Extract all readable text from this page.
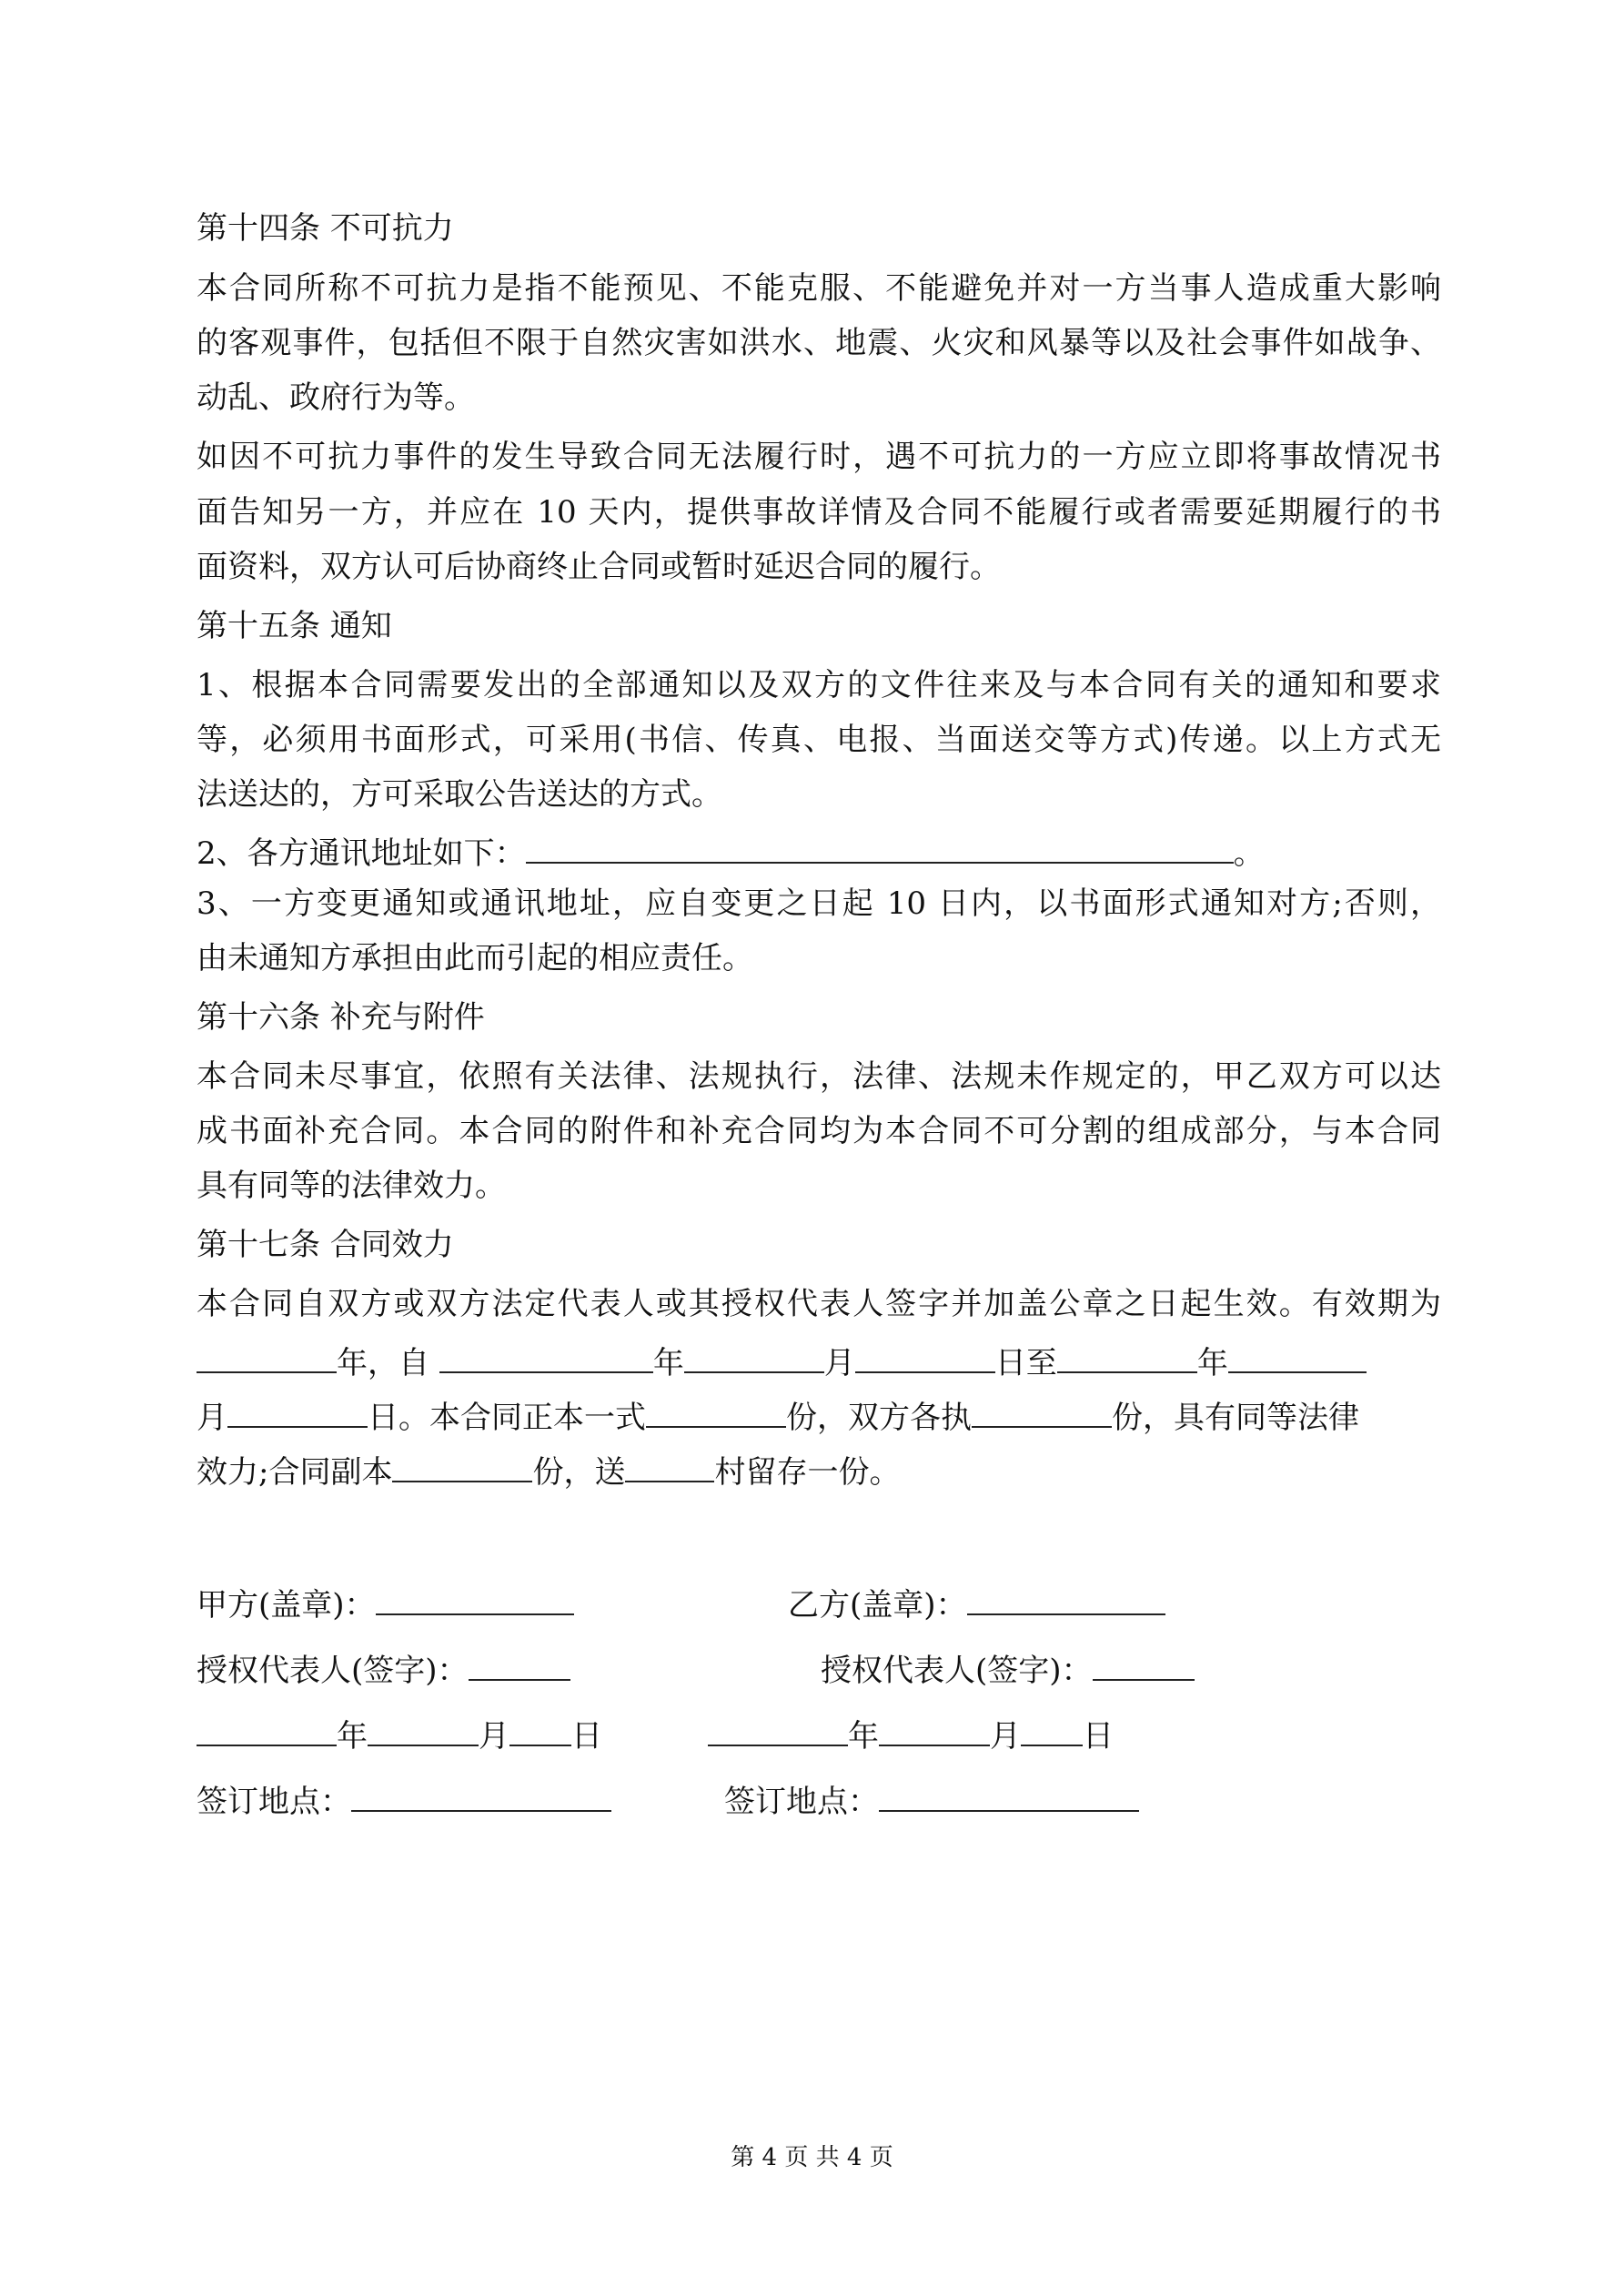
第十四条 不可抗力
本合同所称不可抗力是指不能预见、不能克服、不能避免并对一方当事人造成重大影响
的客观事件，包括但不限于自然灾害如洪水、地震、火灾和风暴等以及社会事件如战争、
动乱、政府行为等。
如因不可抗力事件的发生导致合同无法履行时，遇不可抗力的一方应立即将事故情况书
面告知另一方，并应在 10 天内，提供事故详情及合同不能履行或者需要延期履行的书
面资料，双方认可后协商终止合同或暂时延迟合同的履行。
第十五条 通知
1、根据本合同需要发出的全部通知以及双方的文件往来及与本合同有关的通知和要求
等，必须用书面形式，可采用(书信、传真、电报、当面送交等方式)传递。以上方式无
法送达的，方可采取公告送达的方式。
2、各方通讯地址如下：	。
3、一方变更通知或通讯地址，应自变更之日起 10 日内，以书面形式通知对方;否则，
由未通知方承担由此而引起的相应责任。
第十六条 补充与附件
本合同未尽事宜，依照有关法律、法规执行，法律、法规未作规定的，甲乙双方可以达
成书面补充合同。本合同的附件和补充合同均为本合同不可分割的组成部分，与本合同
具有同等的法律效力。
第十七条 合同效力
本合同自双方或双方法定代表人或其授权代表人签字并加盖公章之日起生效。有效期为
年，自	年	月	日至	年
月	日。本合同正本一式	份，双方各执	份，具有同等法律
效力;合同副本	份，送	村留存一份。
甲方(盖章)：	乙方(盖章)：
授权代表人(签字)：	授权代表人(签字)：
年	月 日	年	月 日
签订地点：	签订地点：
第 4 页 共 4 页
